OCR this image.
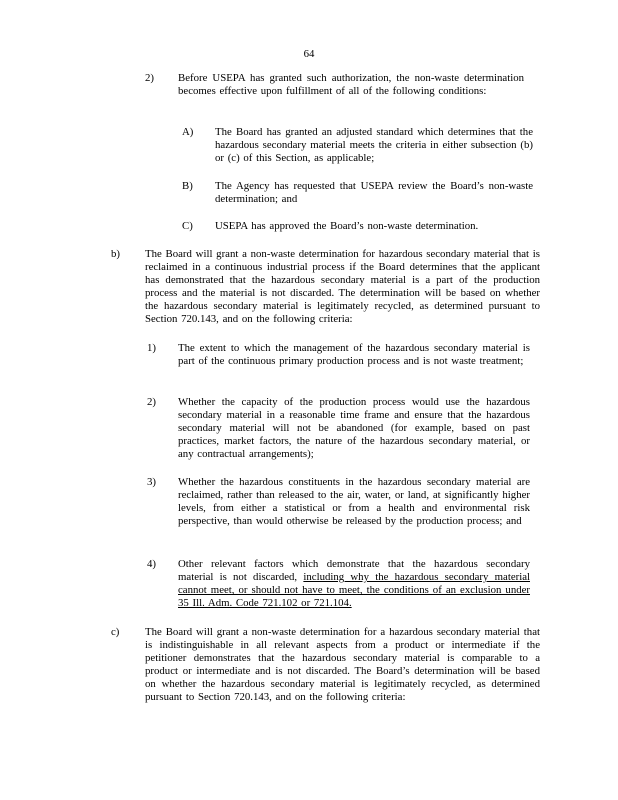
64
2) Before USEPA has granted such authorization, the non-waste determination becomes effective upon fulfillment of all of the following conditions:
A) The Board has granted an adjusted standard which determines that the hazardous secondary material meets the criteria in either subsection (b) or (c) of this Section, as applicable;
B) The Agency has requested that USEPA review the Board’s non-waste determination; and
C) USEPA has approved the Board’s non-waste determination.
b) The Board will grant a non-waste determination for hazardous secondary material that is reclaimed in a continuous industrial process if the Board determines that the applicant has demonstrated that the hazardous secondary material is a part of the production process and the material is not discarded. The determination will be based on whether the hazardous secondary material is legitimately recycled, as determined pursuant to Section 720.143, and on the following criteria:
1) The extent to which the management of the hazardous secondary material is part of the continuous primary production process and is not waste treatment;
2) Whether the capacity of the production process would use the hazardous secondary material in a reasonable time frame and ensure that the hazardous secondary material will not be abandoned (for example, based on past practices, market factors, the nature of the hazardous secondary material, or any contractual arrangements);
3) Whether the hazardous constituents in the hazardous secondary material are reclaimed, rather than released to the air, water, or land, at significantly higher levels, from either a statistical or from a health and environmental risk perspective, than would otherwise be released by the production process; and
4) Other relevant factors which demonstrate that the hazardous secondary material is not discarded, including why the hazardous secondary material cannot meet, or should not have to meet, the conditions of an exclusion under 35 Ill. Adm. Code 721.102 or 721.104.
c) The Board will grant a non-waste determination for a hazardous secondary material that is indistinguishable in all relevant aspects from a product or intermediate if the petitioner demonstrates that the hazardous secondary material is comparable to a product or intermediate and is not discarded. The Board’s determination will be based on whether the hazardous secondary material is legitimately recycled, as determined pursuant to Section 720.143, and on the following criteria:
